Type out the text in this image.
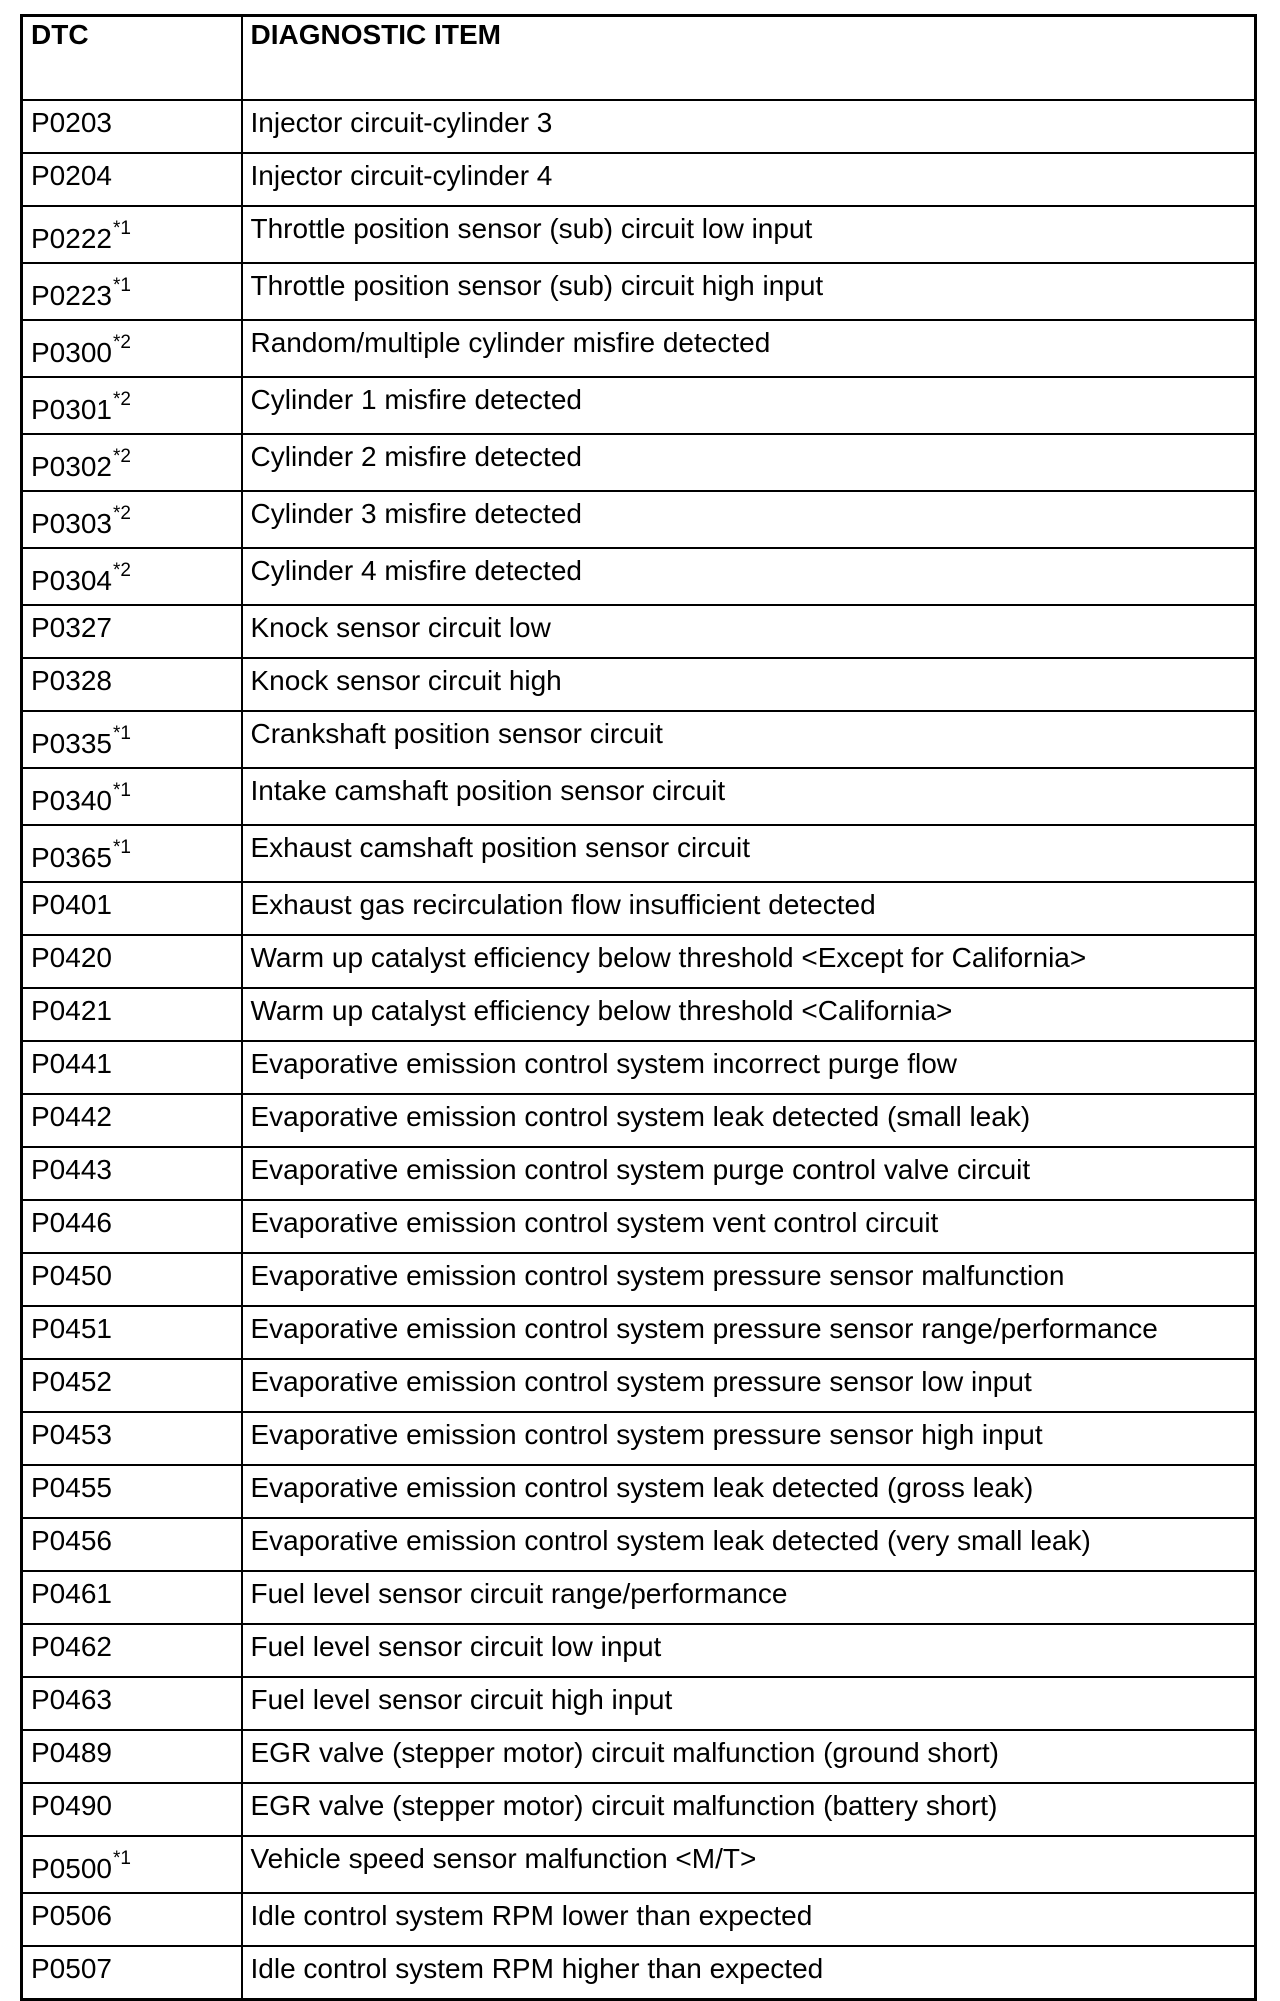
DTC	DIAGNOSTIC ITEM
P0203	Injector circuit-cylinder 3
P0204	Injector circuit-cylinder 4
P0222$^{*1}$	Throttle position sensor (sub) circuit low input
P0223$^{*1}$	Throttle position sensor (sub) circuit high input
P0300$^{*2}$	Random/multiple cylinder misfire detected
P0301$^{*2}$	Cylinder 1 misfire detected
P0302$^{*2}$	Cylinder 2 misfire detected
P0303$^{*2}$	Cylinder 3 misfire detected
P0304$^{*2}$	Cylinder 4 misfire detected
P0327	Knock sensor circuit low
P0328	Knock sensor circuit high
P0335$^{*1}$	Crankshaft position sensor circuit
P0340$^{*1}$	Intake camshaft position sensor circuit
P0365$^{*1}$	Exhaust camshaft position sensor circuit
P0401	Exhaust gas recirculation flow insufficient detected
P0420	Warm up catalyst efficiency below threshold <Except for California>
P0421	Warm up catalyst efficiency below threshold <California>
P0441	Evaporative emission control system incorrect purge flow
P0442	Evaporative emission control system leak detected (small leak)
P0443	Evaporative emission control system purge control valve circuit
P0446	Evaporative emission control system vent control circuit
P0450	Evaporative emission control system pressure sensor malfunction
P0451	Evaporative emission control system pressure sensor range/performance
P0452	Evaporative emission control system pressure sensor low input
P0453	Evaporative emission control system pressure sensor high input
P0455	Evaporative emission control system leak detected (gross leak)
P0456	Evaporative emission control system leak detected (very small leak)
P0461	Fuel level sensor circuit range/performance
P0462	Fuel level sensor circuit low input
P0463	Fuel level sensor circuit high input
P0489	EGR valve (stepper motor) circuit malfunction (ground short)
P0490	EGR valve (stepper motor) circuit malfunction (battery short)
P0500$^{*1}$	Vehicle speed sensor malfunction <M/T>
P0506	Idle control system RPM lower than expected
P0507	Idle control system RPM higher than expected
